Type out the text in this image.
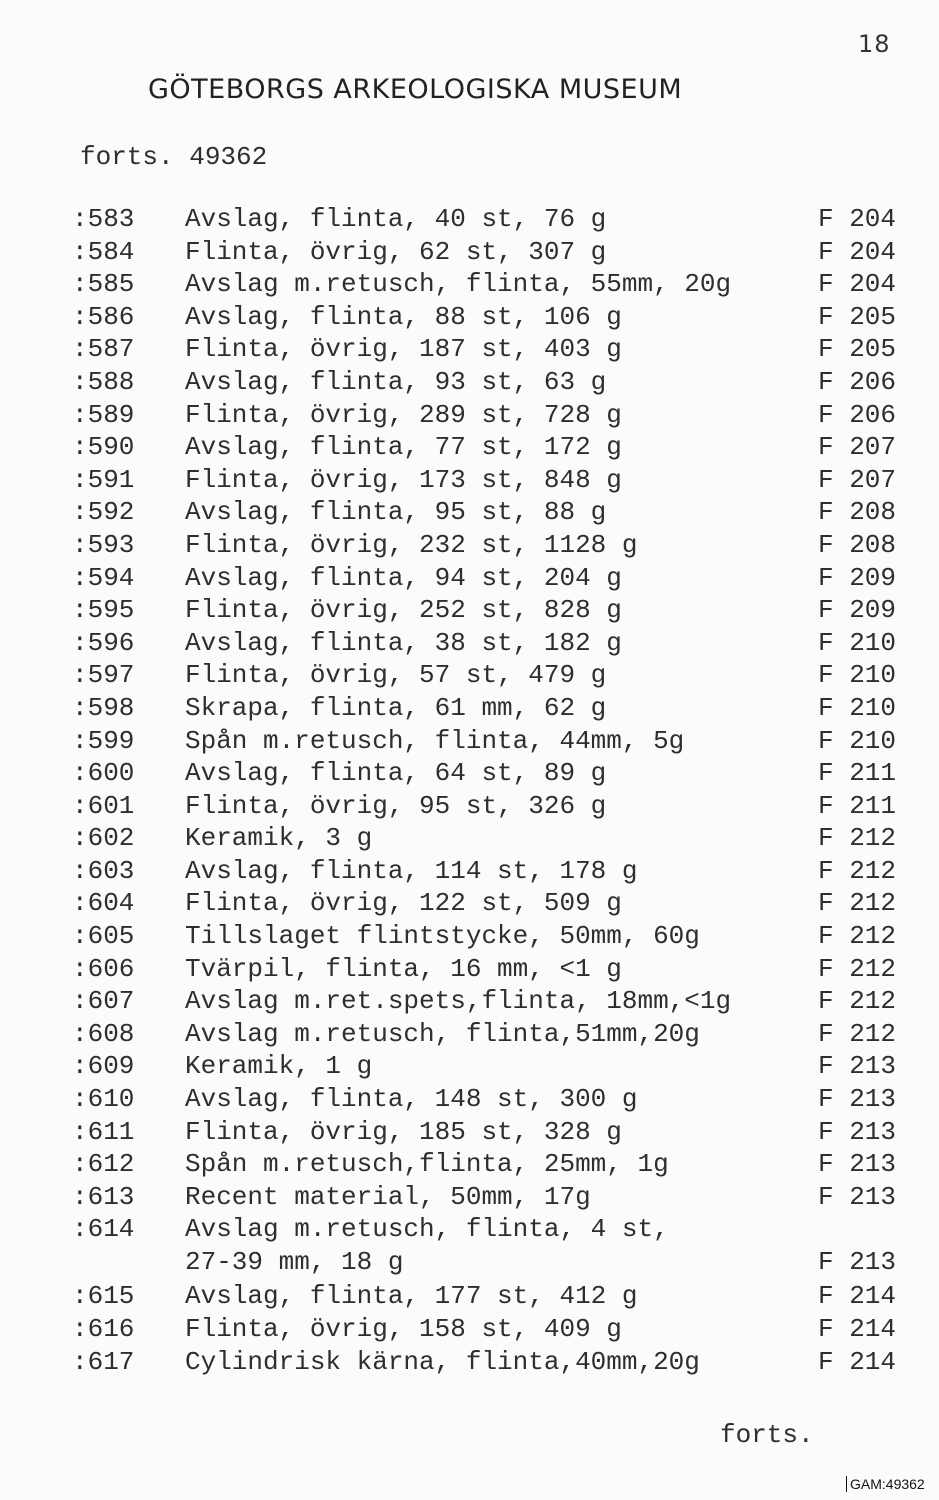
18
GÖTEBORGS ARKEOLOGISKA MUSEUM
forts. 49362
:583 Avslag, flinta, 40 st, 76 g	F 204
:584 Flinta, övrig, 62 st, 307 g	F 204
:585 Avslag m.retusch, flinta, 55mm, 20g	F 204
:586 Avslag, flinta, 88 st, 106 g	F 205
:587 Flinta, övrig, 187 st, 403 g	F 205
:588 Avslag, flinta, 93 st, 63 g	F 206
:589 Flinta, övrig, 289 st, 728 g	F 206
:590 Avslag, flinta, 77 st, 172 g	F 207
:591 Flinta, övrig, 173 st, 848 g	F 207
:592 Avslag, flinta, 95 st, 88 g	F 208
:593 Flinta, övrig, 232 st, 1128 g	F 208
:594 Avslag, flinta, 94 st, 204 g	F 209
:595 Flinta, övrig, 252 st, 828 g	F 209
:596 Avslag, flinta, 38 st, 182 g	F 210
:597 Flinta, övrig, 57 st, 479 g	F 210
:598 Skrapa, flinta, 61 mm, 62 g	F 210
:599 Spån m.retusch, flinta, 44mm, 5g	F 210
:600 Avslag, flinta, 64 st, 89 g	F 211
:601 Flinta, övrig, 95 st, 326 g	F 211
:602 Keramik, 3 g	F 212
:603 Avslag, flinta, 114 st, 178 g	F 212
:604 Flinta, övrig, 122 st, 509 g	F 212
:605 Tillslaget flintstycke, 50mm, 60g	F 212
:606 Tvärpil, flinta, 16 mm, <1 g	F 212
:607 Avslag m.ret.spets,flinta, 18mm,<1g	F 212
:608 Avslag m.retusch, flinta,51mm,20g	F 212
:609 Keramik, 1 g	F 213
:610 Avslag, flinta, 148 st, 300 g	F 213
:611 Flinta, övrig, 185 st, 328 g	F 213
:612 Spån m.retusch,flinta, 25mm, 1g	F 213
:613 Recent material, 50mm, 17g	F 213
:614 Avslag m.retusch, flinta, 4 st,
27-39 mm, 18 g	F 213
:615 Avslag, flinta, 177 st, 412 g	F 214
:616 Flinta, övrig, 158 st, 409 g	F 214
:617 Cylindrisk kärna, flinta,40mm,20g	F 214
forts.
GAM:49362
